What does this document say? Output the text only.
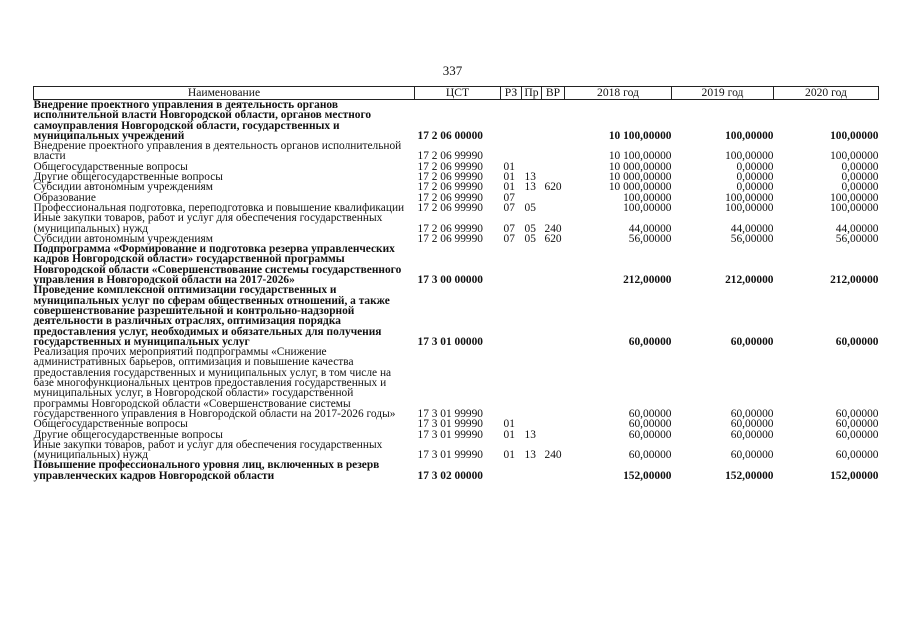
337
Наименование	ЦСТ	РЗ	Пр	ВР	2018 год	2019 год	2020 год
Внедрение проектного управления в деятельность органов исполнительной власти Новгородской области, органов местного самоуправления Новгородской области, государственных и муниципальных учреждений	17 2 06 00000				10 100,00000	100,00000	100,00000
Внедрение проектного управления в деятельность органов исполнительной власти	17 2 06 99990				10 100,00000	100,00000	100,00000
Общегосударственные вопросы	17 2 06 99990	01			10 000,00000	0,00000	0,00000
Другие общегосударственные вопросы	17 2 06 99990	01	13		10 000,00000	0,00000	0,00000
Субсидии автономным учреждениям	17 2 06 99990	01	13	620	10 000,00000	0,00000	0,00000
Образование	17 2 06 99990	07			100,00000	100,00000	100,00000
Профессиональная подготовка, переподготовка и повышение квалификации	17 2 06 99990	07	05		100,00000	100,00000	100,00000
Иные закупки товаров, работ и услуг для обеспечения государственных (муниципальных) нужд	17 2 06 99990	07	05	240	44,00000	44,00000	44,00000
Субсидии автономным учреждениям	17 2 06 99990	07	05	620	56,00000	56,00000	56,00000
Подпрограмма «Формирование и подготовка резерва управленческих кадров Новгородской области» государственной программы Новгородской области «Совершенствование системы государственного управления в Новгородской области на 2017-2026»	17 3 00 00000				212,00000	212,00000	212,00000
Проведение комплексной оптимизации государственных и муниципальных услуг по сферам общественных отношений, а также совершенствование разрешительной и контрольно-надзорной деятельности в различных отраслях, оптимизация порядка предоставления услуг, необходимых и обязательных для получения государственных и муниципальных услуг	17 3 01 00000				60,00000	60,00000	60,00000
Реализация прочих мероприятий подпрограммы «Снижение административных барьеров, оптимизация и повышение качества предоставления государственных и муниципальных услуг, в том числе на базе многофункциональных центров предоставления государственных и муниципальных услуг, в Новгородской области» государственной программы Новгородской области «Совершенствование системы государственного управления в Новгородской области на 2017-2026 годы»	17 3 01 99990				60,00000	60,00000	60,00000
Общегосударственные вопросы	17 3 01 99990	01			60,00000	60,00000	60,00000
Другие общегосударственные вопросы	17 3 01 99990	01	13		60,00000	60,00000	60,00000
Иные закупки товаров, работ и услуг для обеспечения государственных (муниципальных) нужд	17 3 01 99990	01	13	240	60,00000	60,00000	60,00000
Повышение профессионального уровня лиц, включенных в резерв управленческих кадров Новгородской области	17 3 02 00000				152,00000	152,00000	152,00000
